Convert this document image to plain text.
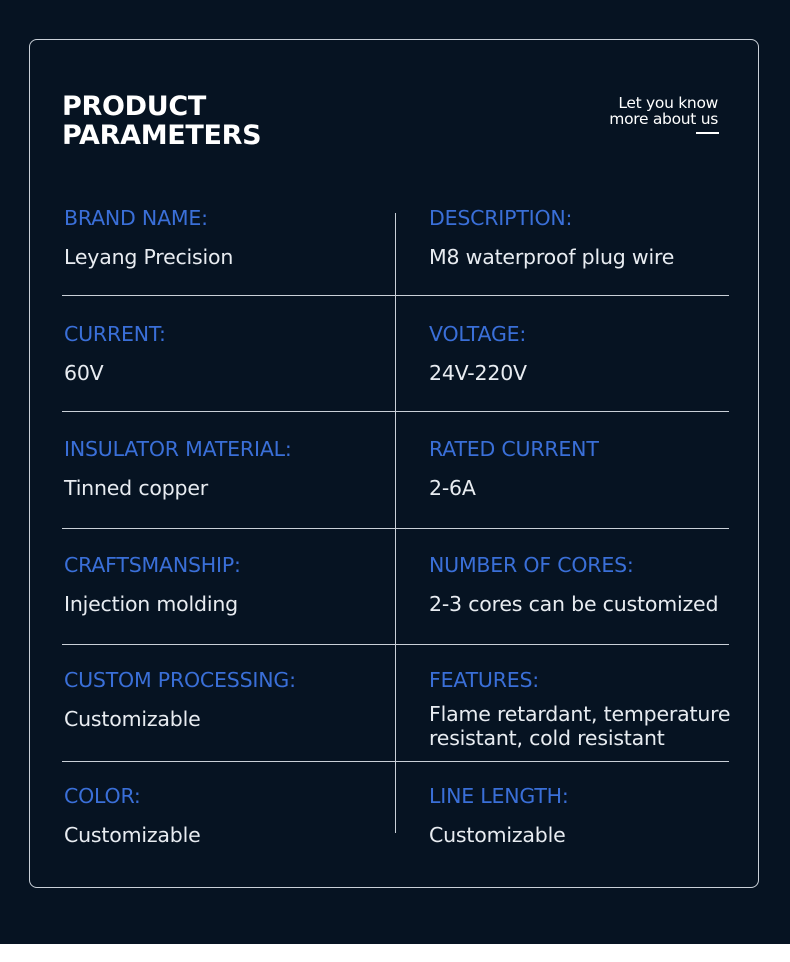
PRODUCT
PARAMETERS
Let you know
more about us
BRAND NAME:
Leyang Precision
DESCRIPTION:
M8 waterproof plug wire
CURRENT:
60V
VOLTAGE:
24V-220V
INSULATOR MATERIAL:
Tinned copper
RATED CURRENT
2-6A
CRAFTSMANSHIP:
Injection molding
NUMBER OF CORES:
2-3 cores can be customized
CUSTOM PROCESSING:
Customizable
FEATURES:
Flame retardant, temperature resistant, cold resistant
COLOR:
Customizable
LINE LENGTH:
Customizable
